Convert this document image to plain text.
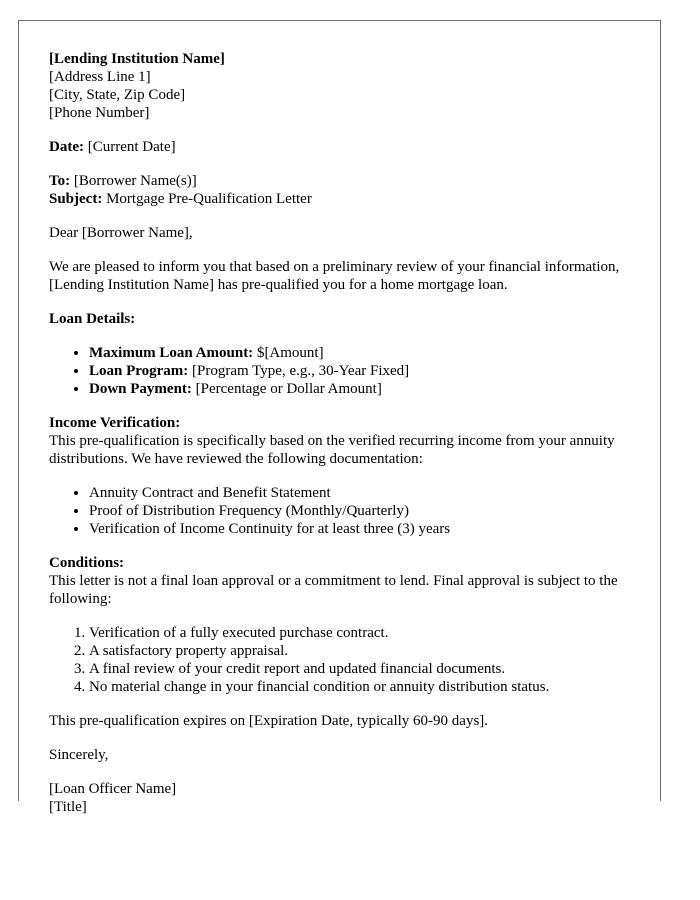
[Lending Institution Name]
[Address Line 1]
[City, State, Zip Code]
[Phone Number]

Date: [Current Date]

To: [Borrower Name(s)]
Subject: Mortgage Pre-Qualification Letter

Dear [Borrower Name],

We are pleased to inform you that based on a preliminary review of your financial information, [Lending Institution Name] has pre-qualified you for a home mortgage loan.

Loan Details:

• Maximum Loan Amount: $[Amount]
• Loan Program: [Program Type, e.g., 30-Year Fixed]
• Down Payment: [Percentage or Dollar Amount]

Income Verification:

This pre-qualification is specifically based on the verified recurring income from your annuity distributions. We have reviewed the following documentation:

• Annuity Contract and Benefit Statement
• Proof of Distribution Frequency (Monthly/Quarterly)
• Verification of Income Continuity for at least three (3) years

Conditions:

This letter is not a final loan approval or a commitment to lend. Final approval is subject to the following:

1. Verification of a fully executed purchase contract.
2. A satisfactory property appraisal.
3. A final review of your credit report and updated financial documents.
4. No material change in your financial condition or annuity distribution status.

This pre-qualification expires on [Expiration Date, typically 60-90 days].

Sincerely,

[Loan Officer Name]
[Title]
